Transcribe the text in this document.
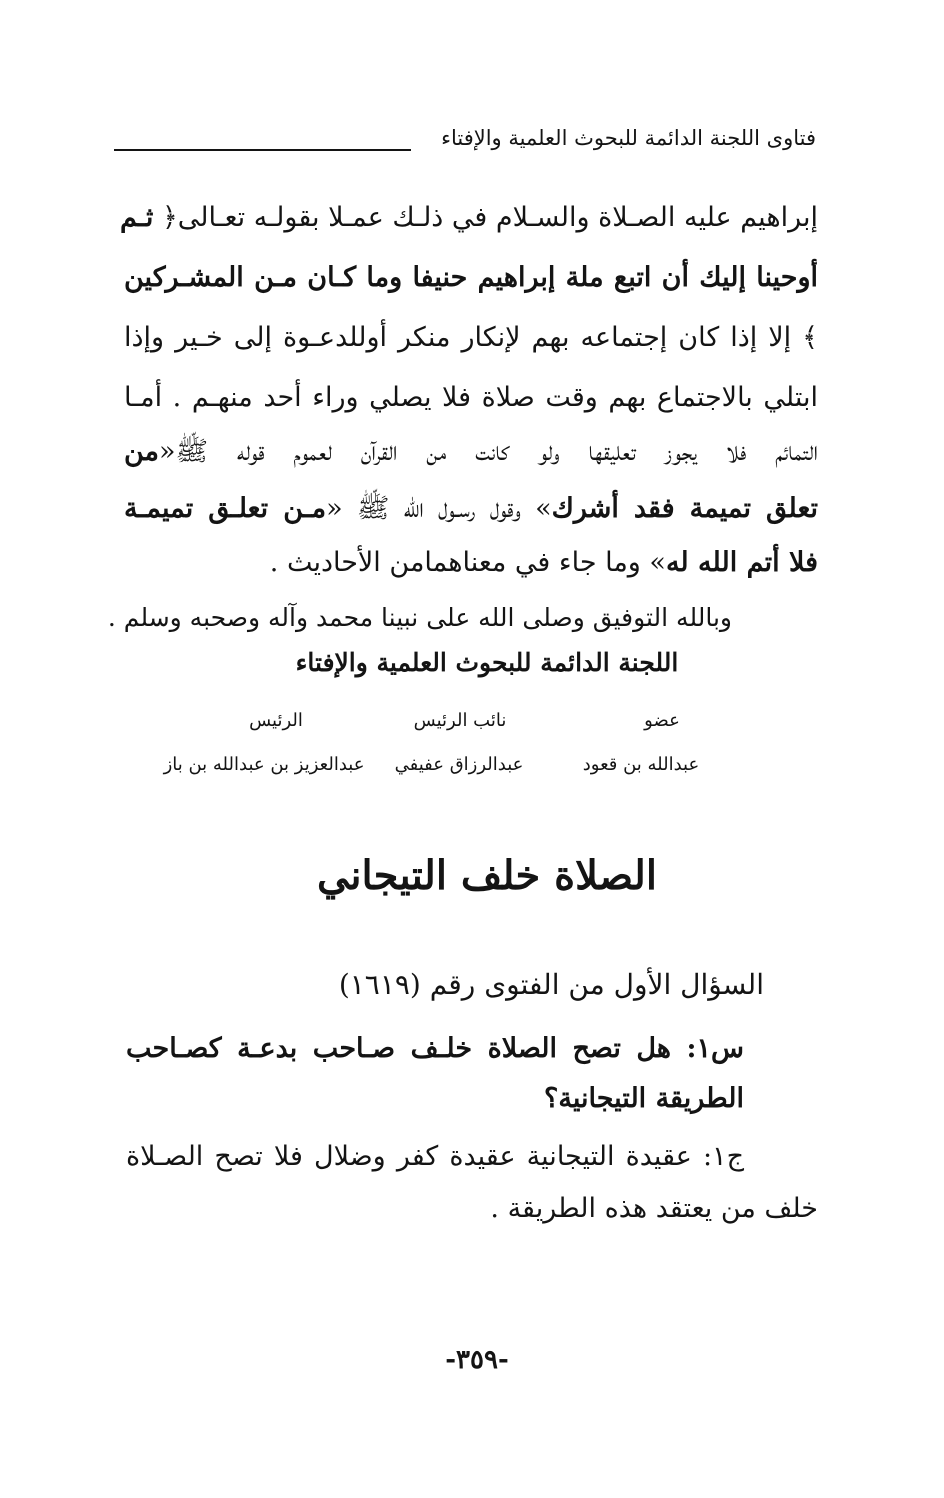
فتاوى اللجنة الدائمة للبحوث العلمية والإفتاء
إبراهيم عليه الصـلاة والسـلام في ذلـك عمـلا بقولـه تعـالى﴿ ثـم
أوحينا إليك أن اتبع ملة إبراهيم حنيفا وما كـان مـن المشـركين
﴾ إلا إذا كان إجتماعه بهم لإنكار منكر أوللدعـوة إلى خـير وإذا
ابتلي بالاجتماع بهم وقت صلاة فلا يصلي وراء أحد منهـم . أمـا
التمائم فلا يجوز تعليقها ولو كانت من القرآن لعموم قوله ﷺ«من
تعلق تميمة فقد أشرك» وقول رسـول الله ﷺ «مـن تعلـق تميمـة
فلا أتم الله له» وما جاء في معناهمامن الأحاديث .
وبالله التوفيق وصلى الله على نبينا محمد وآله وصحبه وسلم .
اللجنة الدائمة للبحوث العلمية والإفتاء
عضو
عبدالله بن قعود
نائب الرئيس
عبدالرزاق عفيفي
الرئيس
عبدالعزيز بن عبدالله بن باز
الصلاة خلف التيجاني
السؤال الأول من الفتوى رقم (١٦١٩)
س١: هل تصح الصلاة خلـف صـاحب بدعـة كصـاحب
الطريقة التيجانية؟
ج١: عقيدة التيجانية عقيدة كفر وضلال فلا تصح الصـلاة
خلف من يعتقد هذه الطريقة .
-٣٥٩-
